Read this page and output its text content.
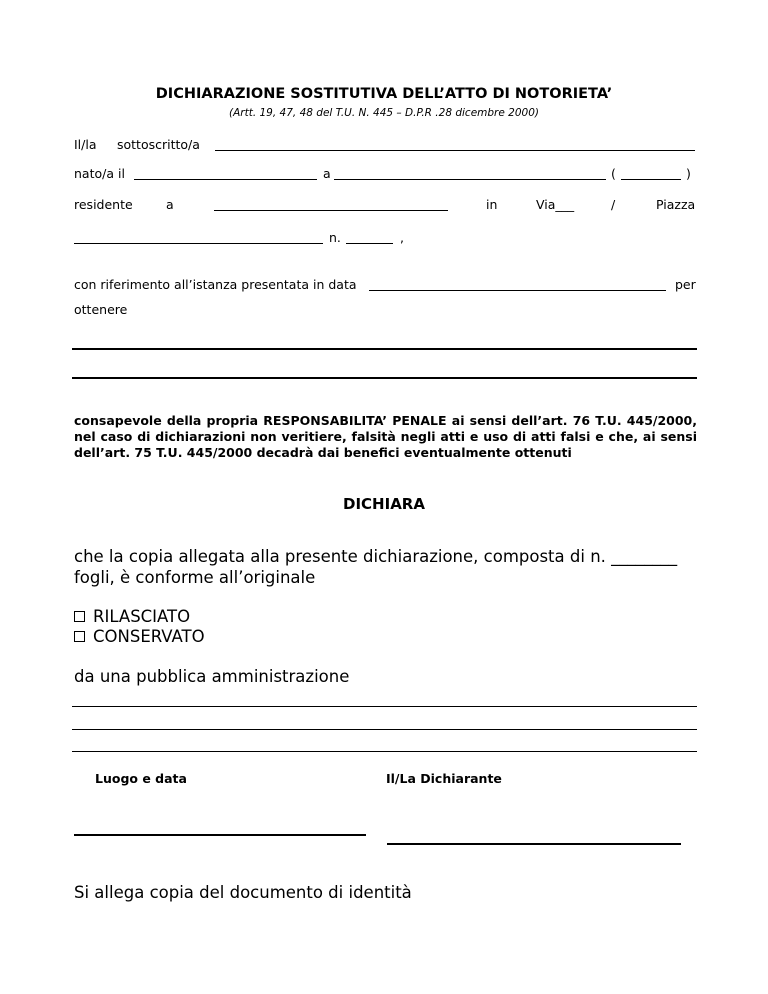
DICHIARAZIONE SOSTITUTIVA DELL’ATTO DI NOTORIETA’
(Artt. 19, 47, 48 del T.U. N. 445 – D.P.R .28 dicembre 2000)
Il/la sottoscritto/a
nato/a il	a	(	)
residente	a	in	Via___	/	Piazza
n.	,
con riferimento all’istanza presentata in data	per
ottenere
consapevole della propria RESPONSABILITA’ PENALE ai sensi dell’art. 76 T.U. 445/2000, nel caso di dichiarazioni non veritiere, falsità negli atti e uso di atti falsi e che, ai sensi dell’art. 75 T.U. 445/2000 decadrà dai benefici eventualmente ottenuti
DICHIARA
che la copia allegata alla presente dichiarazione, composta di n. ________
fogli, è conforme all’originale
RILASCIATO
CONSERVATO
da una pubblica amministrazione
Luogo e data	Il/La Dichiarante
Si allega copia del documento di identità
